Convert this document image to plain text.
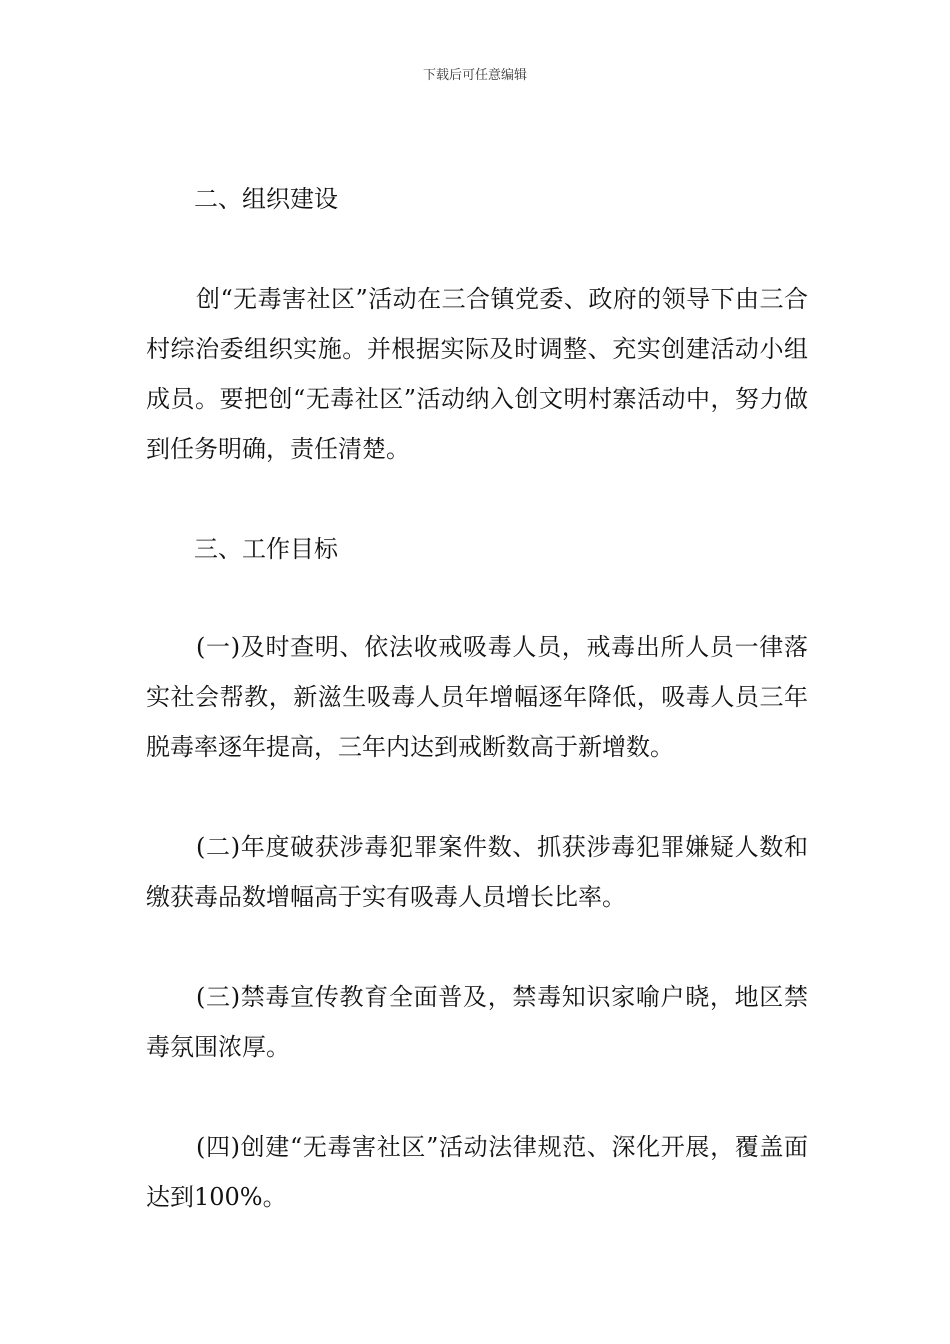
下载后可任意编辑
二、组织建设

创“无毒害社区”活动在三合镇党委、政府的领导下由三合村综治委组织实施。并根据实际及时调整、充实创建活动小组成员。要把创“无毒社区”活动纳入创文明村寨活动中，努力做到任务明确，责任清楚。

三、工作目标

(一)及时查明、依法收戒吸毒人员，戒毒出所人员一律落实社会帮教，新滋生吸毒人员年增幅逐年降低，吸毒人员三年脱毒率逐年提高，三年内达到戒断数高于新增数。

(二)年度破获涉毒犯罪案件数、抓获涉毒犯罪嫌疑人数和缴获毒品数增幅高于实有吸毒人员增长比率。

(三)禁毒宣传教育全面普及，禁毒知识家喻户晓，地区禁毒氛围浓厚。

(四)创建“无毒害社区”活动法律规范、深化开展，覆盖面达到100%。
